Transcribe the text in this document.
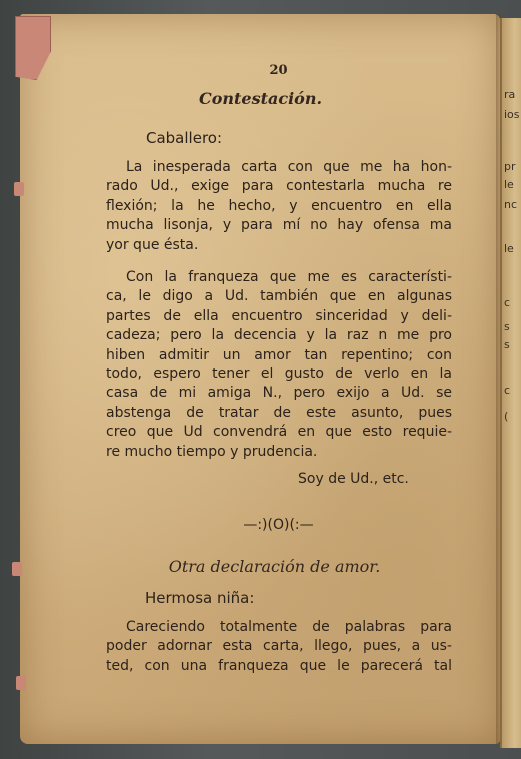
ra
ios
pr
le
nc
le
c
s
s
c
(
20
Contestación.
Caballero:
La inesperada carta con que me ha hon-
rado Ud., exige para contestarla mucha re
flexión; la he hecho, y encuentro en ella
mucha lisonja, y para mí no hay ofensa ma
yor que ésta.
Con la franqueza que me es característi-
ca, le digo a Ud. también que en algunas
partes de ella encuentro sinceridad y deli-
cadeza; pero la decencia y la raz n me pro
hiben admitir un amor tan repentino; con
todo, espero tener el gusto de verlo en la
casa de mi amiga N., pero exijo a Ud. se
abstenga de tratar de este asunto, pues
creo que Ud convendrá en que esto requie-
re mucho tiempo y prudencia.
Soy de Ud., etc.
—:)(O)(:—
Otra declaración de amor.
Hermosa niña:
Careciendo totalmente de palabras para
poder adornar esta carta, llego, pues, a us-
ted, con una franqueza que le parecerá tal
